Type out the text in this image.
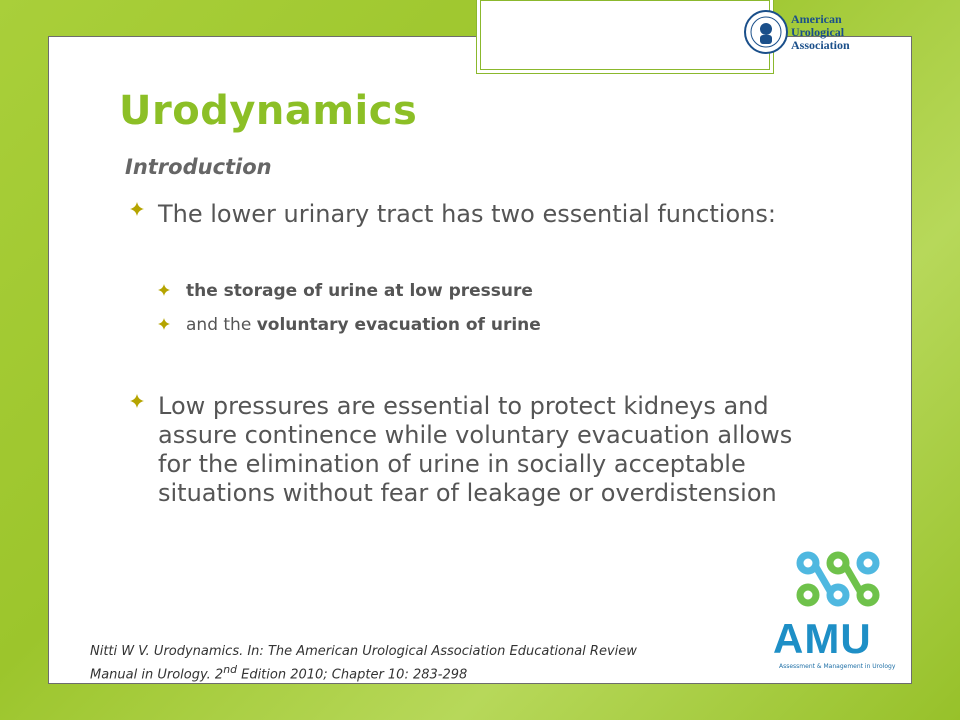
American
Urological
Association
Urodynamics
Introduction
The lower urinary tract has two essential functions:
the storage of urine at low pressure
and the voluntary evacuation of urine
Low pressures are essential to protect kidneys and assure continence while voluntary evacuation allows for the elimination of urine in socially acceptable situations without fear of leakage or overdistension
Nitti W V. Urodynamics. In: The American Urological Association Educational Review
Manual in Urology. 2nd Edition 2010; Chapter 10: 283-298
AMU
Assessment & Management in Urology
